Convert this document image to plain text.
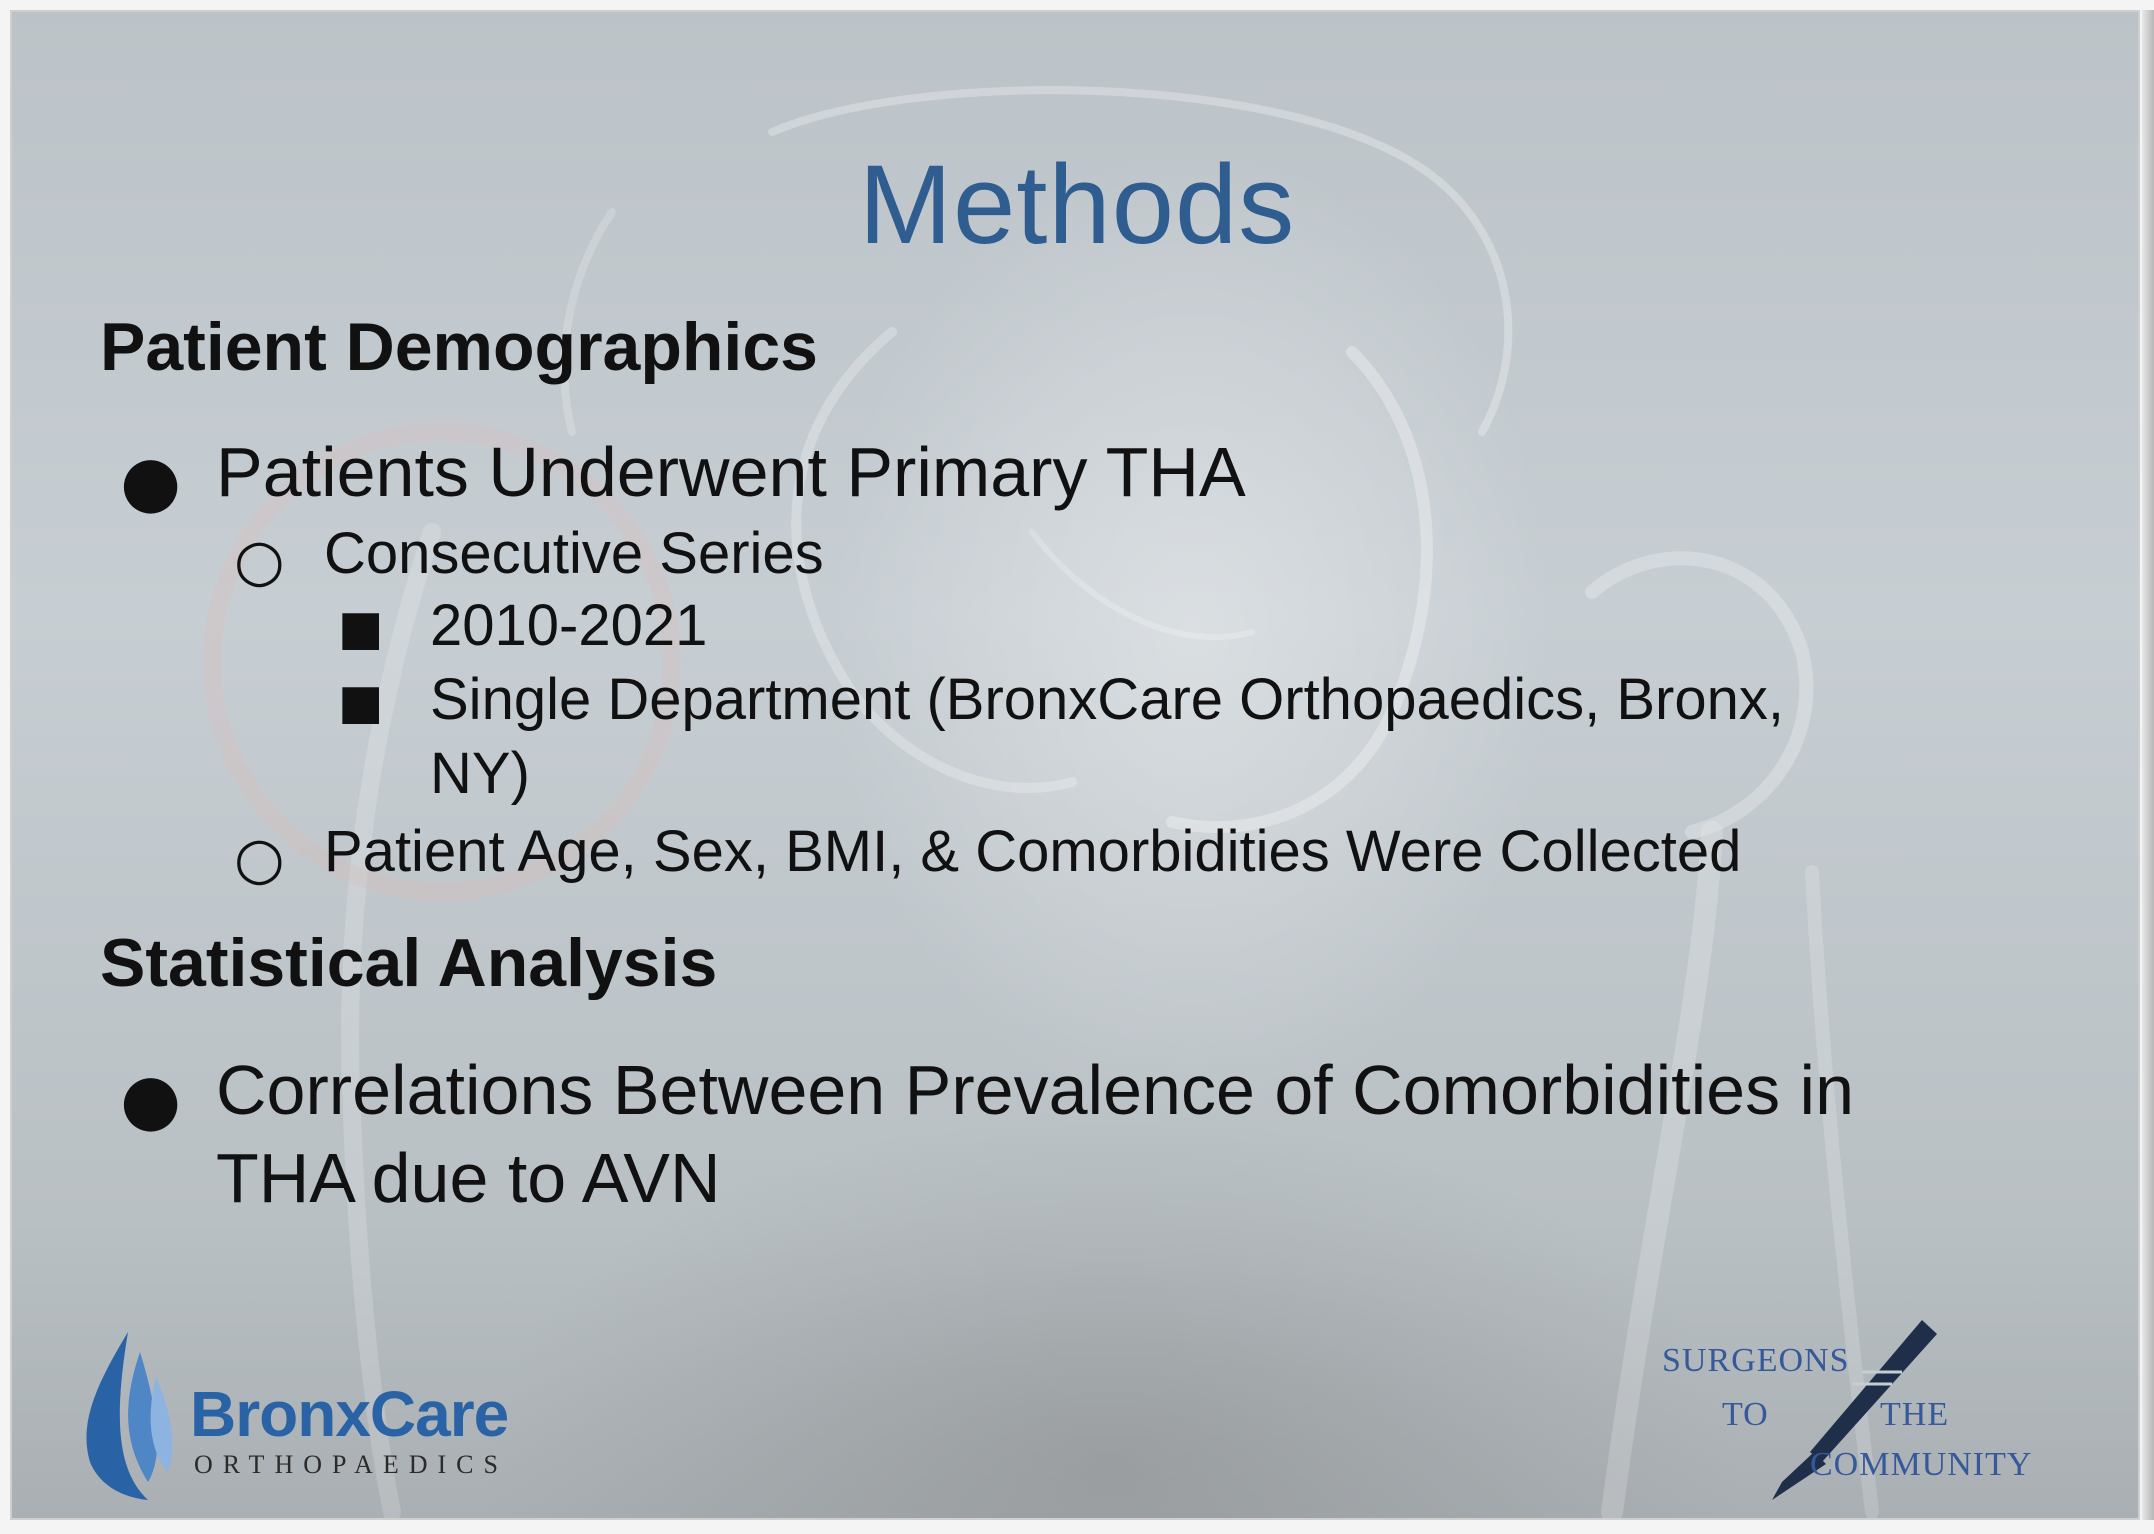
Methods
Patient Demographics
● Patients Underwent Primary THA
○ Consecutive Series
■ 2010-2021
■ Single Department (BronxCare Orthopaedics, Bronx,
NY)
○ Patient Age, Sex, BMI, & Comorbidities Were Collected
Statistical Analysis
● Correlations Between Prevalence of Comorbidities in
THA due to AVN
BronxCare
ORTHOPAEDICS
SURGEONS
TO	THE
COMMUNITY
